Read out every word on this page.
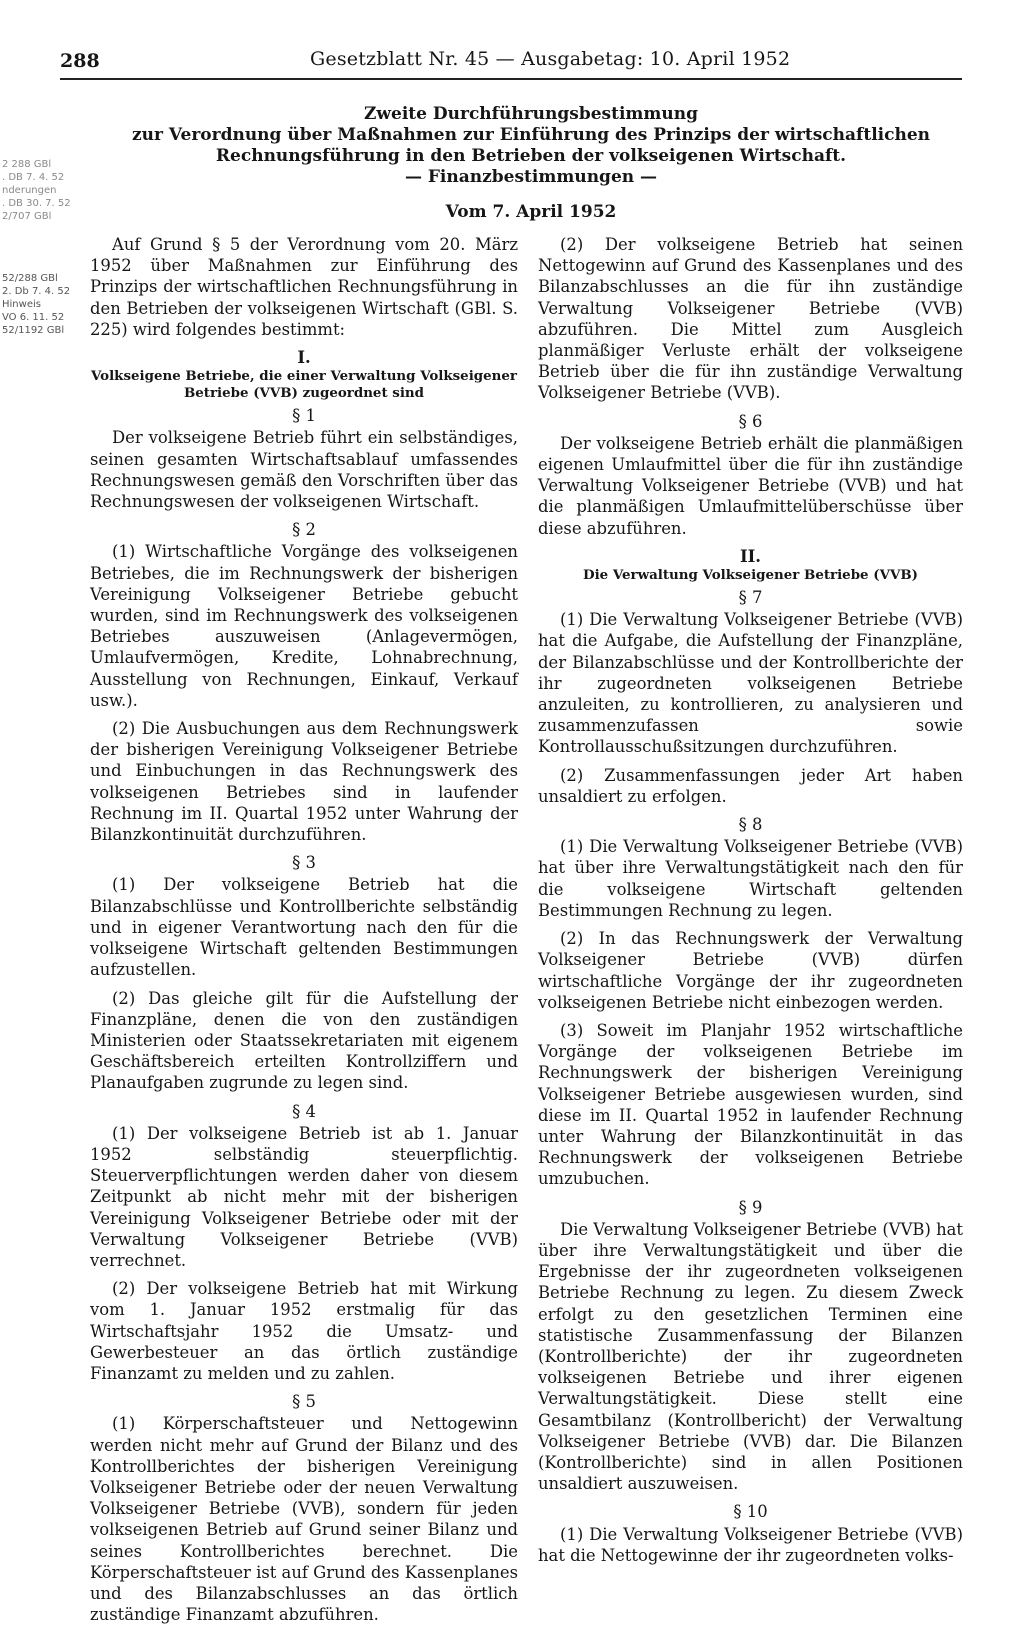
288	Gesetzblatt Nr. 45 — Ausgabetag: 10. April 1952
2 288 GBl
. DB 7. 4. 52
nderungen
. DB 30. 7. 52
2/707 GBl
52/288 GBl
2. Db 7. 4. 52
Hinweis
VO 6. 11. 52
52/1192 GBl

Zweite Durchführungsbestimmung

zur Verordnung über Maßnahmen zur Einführung des Prinzips der wirtschaftlichen Rechnungsführung in den Betrieben der volkseigenen Wirtschaft.

— Finanzbestimmungen —

Vom 7. April 1952

Auf Grund § 5 der Verordnung vom 20. März 1952 über Maßnahmen zur Einführung des Prinzips der wirtschaftlichen Rechnungsführung in den Betrieben der volkseigenen Wirtschaft (GBl. S. 225) wird folgendes bestimmt:

I.
Volkseigene Betriebe, die einer Verwaltung Volkseigener Betriebe (VVB) zugeordnet sind
§ 1

Der volkseigene Betrieb führt ein selbständiges, seinen gesamten Wirtschaftsablauf umfassendes Rechnungswesen gemäß den Vorschriften über das Rechnungswesen der volkseigenen Wirtschaft.

§ 2

(1) Wirtschaftliche Vorgänge des volkseigenen Betriebes, die im Rechnungswerk der bisherigen Vereinigung Volkseigener Betriebe gebucht wurden, sind im Rechnungswerk des volkseigenen Betriebes auszuweisen (Anlagevermögen, Umlaufvermögen, Kredite, Lohnabrechnung, Ausstellung von Rechnungen, Einkauf, Verkauf usw.).

(2) Die Ausbuchungen aus dem Rechnungswerk der bisherigen Vereinigung Volkseigener Betriebe und Einbuchungen in das Rechnungswerk des volkseigenen Betriebes sind in laufender Rechnung im II. Quartal 1952 unter Wahrung der Bilanzkontinuität durchzuführen.

§ 3

(1) Der volkseigene Betrieb hat die Bilanzabschlüsse und Kontrollberichte selbständig und in eigener Verantwortung nach den für die volkseigene Wirtschaft geltenden Bestimmungen aufzustellen.

(2) Das gleiche gilt für die Aufstellung der Finanzpläne, denen die von den zuständigen Ministerien oder Staatssekretariaten mit eigenem Geschäftsbereich erteilten Kontrollziffern und Planaufgaben zugrunde zu legen sind.

§ 4

(1) Der volkseigene Betrieb ist ab 1. Januar 1952 selbständig steuerpflichtig. Steuerverpflichtungen werden daher von diesem Zeitpunkt ab nicht mehr mit der bisherigen Vereinigung Volkseigener Betriebe oder mit der Verwaltung Volkseigener Betriebe (VVB) verrechnet.

(2) Der volkseigene Betrieb hat mit Wirkung vom 1. Januar 1952 erstmalig für das Wirtschaftsjahr 1952 die Umsatz- und Gewerbesteuer an das örtlich zuständige Finanzamt zu melden und zu zahlen.

§ 5

(1) Körperschaftsteuer und Nettogewinn werden nicht mehr auf Grund der Bilanz und des Kontrollberichtes der bisherigen Vereinigung Volkseigener Betriebe oder der neuen Verwaltung Volkseigener Betriebe (VVB), sondern für jeden volkseigenen Betrieb auf Grund seiner Bilanz und seines Kontrollberichtes berechnet. Die Körperschaftsteuer ist auf Grund des Kassenplanes und des Bilanzabschlusses an das örtlich zuständige Finanzamt abzuführen.

(2) Der volkseigene Betrieb hat seinen Nettogewinn auf Grund des Kassenplanes und des Bilanzabschlusses an die für ihn zuständige Verwaltung Volkseigener Betriebe (VVB) abzuführen. Die Mittel zum Ausgleich planmäßiger Verluste erhält der volkseigene Betrieb über die für ihn zuständige Verwaltung Volkseigener Betriebe (VVB).

§ 6

Der volkseigene Betrieb erhält die planmäßigen eigenen Umlaufmittel über die für ihn zuständige Verwaltung Volkseigener Betriebe (VVB) und hat die planmäßigen Umlaufmittelüberschüsse über diese abzuführen.

II.
Die Verwaltung Volkseigener Betriebe (VVB)
§ 7

(1) Die Verwaltung Volkseigener Betriebe (VVB) hat die Aufgabe, die Aufstellung der Finanzpläne, der Bilanzabschlüsse und der Kontrollberichte der ihr zugeordneten volkseigenen Betriebe anzuleiten, zu kontrollieren, zu analysieren und zusammenzufassen sowie Kontrollausschußsitzungen durchzuführen.

(2) Zusammenfassungen jeder Art haben unsaldiert zu erfolgen.

§ 8

(1) Die Verwaltung Volkseigener Betriebe (VVB) hat über ihre Verwaltungstätigkeit nach den für die volkseigene Wirtschaft geltenden Bestimmungen Rechnung zu legen.

(2) In das Rechnungswerk der Verwaltung Volkseigener Betriebe (VVB) dürfen wirtschaftliche Vorgänge der ihr zugeordneten volkseigenen Betriebe nicht einbezogen werden.

(3) Soweit im Planjahr 1952 wirtschaftliche Vorgänge der volkseigenen Betriebe im Rechnungswerk der bisherigen Vereinigung Volkseigener Betriebe ausgewiesen wurden, sind diese im II. Quartal 1952 in laufender Rechnung unter Wahrung der Bilanzkontinuität in das Rechnungswerk der volkseigenen Betriebe umzubuchen.

§ 9

Die Verwaltung Volkseigener Betriebe (VVB) hat über ihre Verwaltungstätigkeit und über die Ergebnisse der ihr zugeordneten volkseigenen Betriebe Rechnung zu legen. Zu diesem Zweck erfolgt zu den gesetzlichen Terminen eine statistische Zusammenfassung der Bilanzen (Kontrollberichte) der ihr zugeordneten volkseigenen Betriebe und ihrer eigenen Verwaltungstätigkeit. Diese stellt eine Gesamtbilanz (Kontrollbericht) der Verwaltung Volkseigener Betriebe (VVB) dar. Die Bilanzen (Kontrollberichte) sind in allen Positionen unsaldiert auszuweisen.

§ 10

(1) Die Verwaltung Volkseigener Betriebe (VVB) hat die Nettogewinne der ihr zugeordneten volks-
